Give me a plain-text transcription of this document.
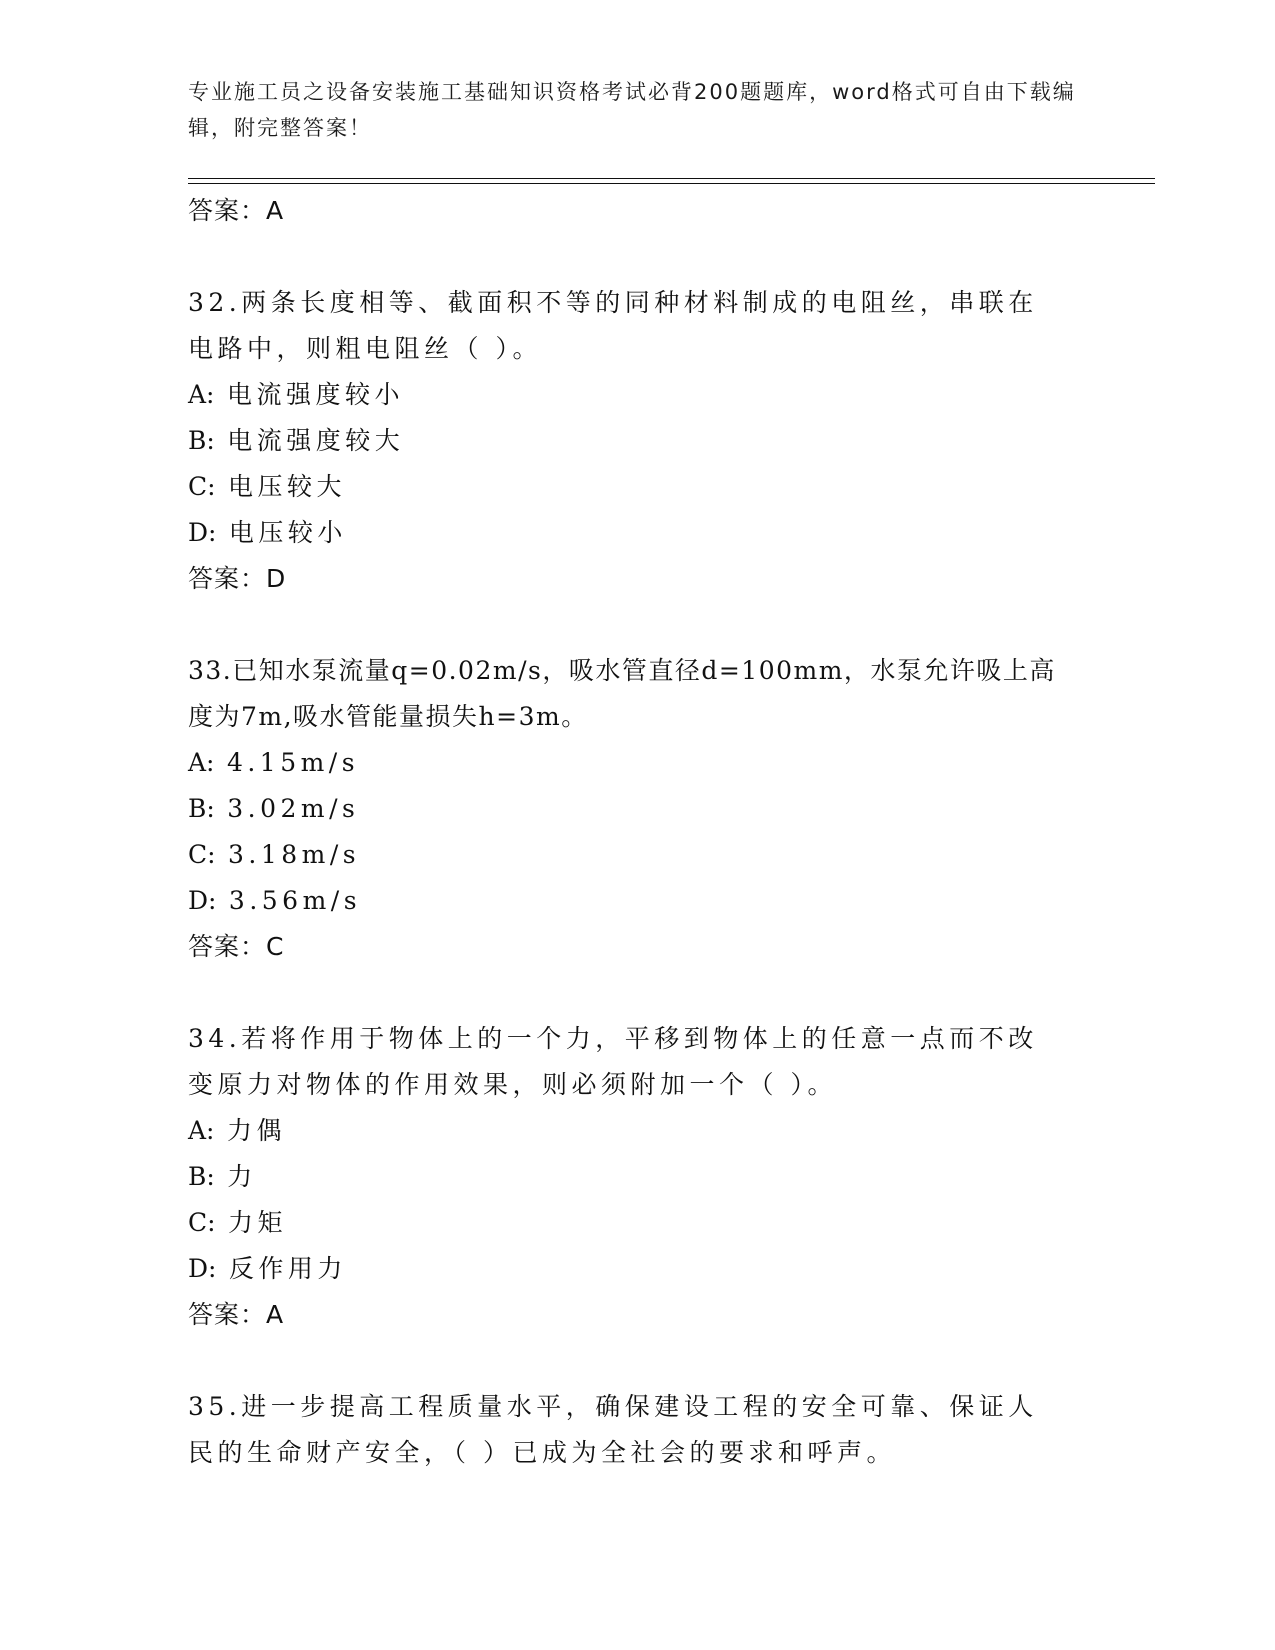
专业施工员之设备安装施工基础知识资格考试必背200题题库，word格式可自由下载编辑，附完整答案！
答案：A
32.两条长度相等、截面积不等的同种材料制成的电阻丝，串联在电路中，则粗电阻丝（ ）。
A: 电流强度较小
B: 电流强度较大
C: 电压较大
D: 电压较小
答案：D
33.已知水泵流量q=0.02m/s，吸水管直径d=100mm，水泵允许吸上高度为7m,吸水管能量损失h=3m。
A: 4.15m/s
B: 3.02m/s
C: 3.18m/s
D: 3.56m/s
答案：C
34.若将作用于物体上的一个力，平移到物体上的任意一点而不改变原力对物体的作用效果，则必须附加一个（ ）。
A: 力偶
B: 力
C: 力矩
D: 反作用力
答案：A
35.进一步提高工程质量水平，确保建设工程的安全可靠、保证人民的生命财产安全，（ ）已成为全社会的要求和呼声。
